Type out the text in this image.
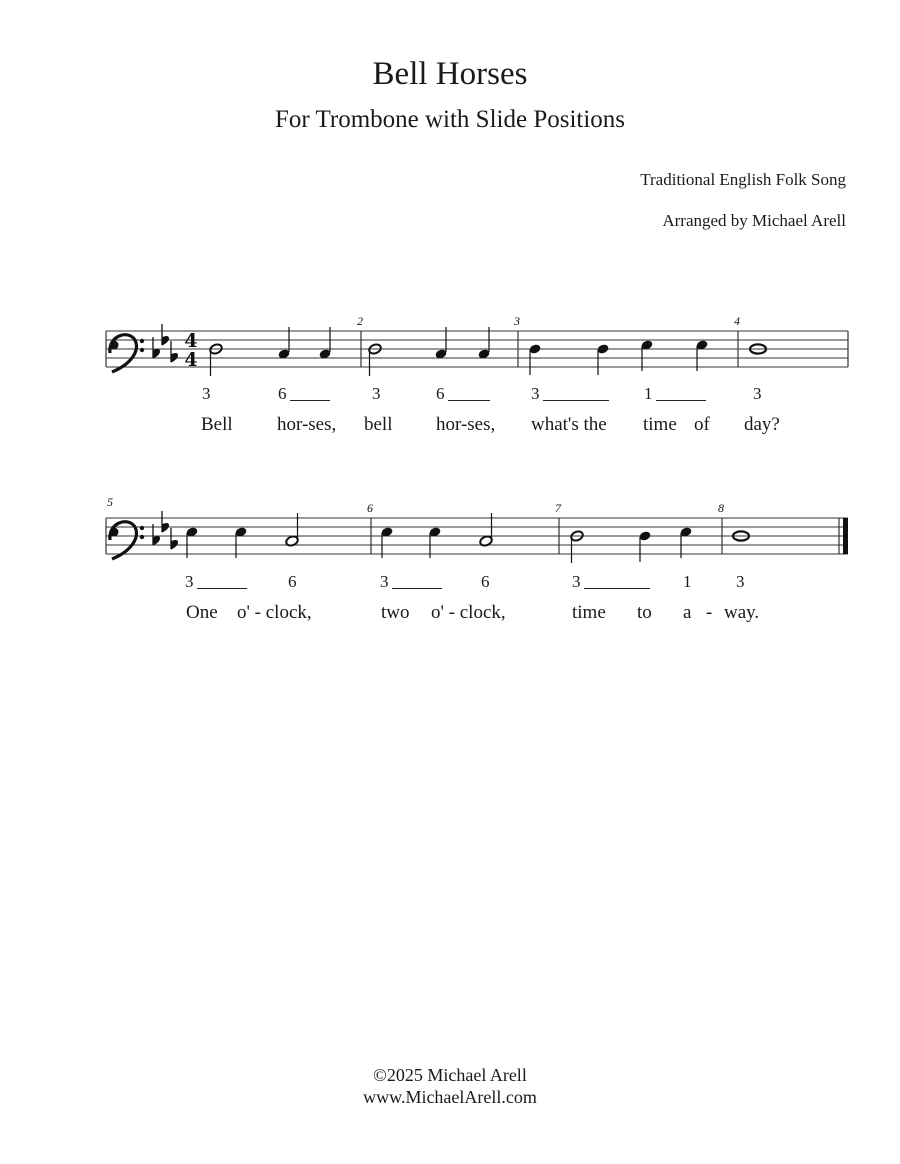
Bell Horses
For Trombone with Slide Positions
Traditional English Folk Song
Arranged by Michael Arell
4
4
2	3	4
5	6	7	8
3	6	3	6	3	1	3
Bell hor-ses, bell hor-ses, what's the time of day?
3	6	3	6	3	1	3
One o' - clock,	two o' - clock,	time to a - way.
©2025 Michael Arell
www.MichaelArell.com
